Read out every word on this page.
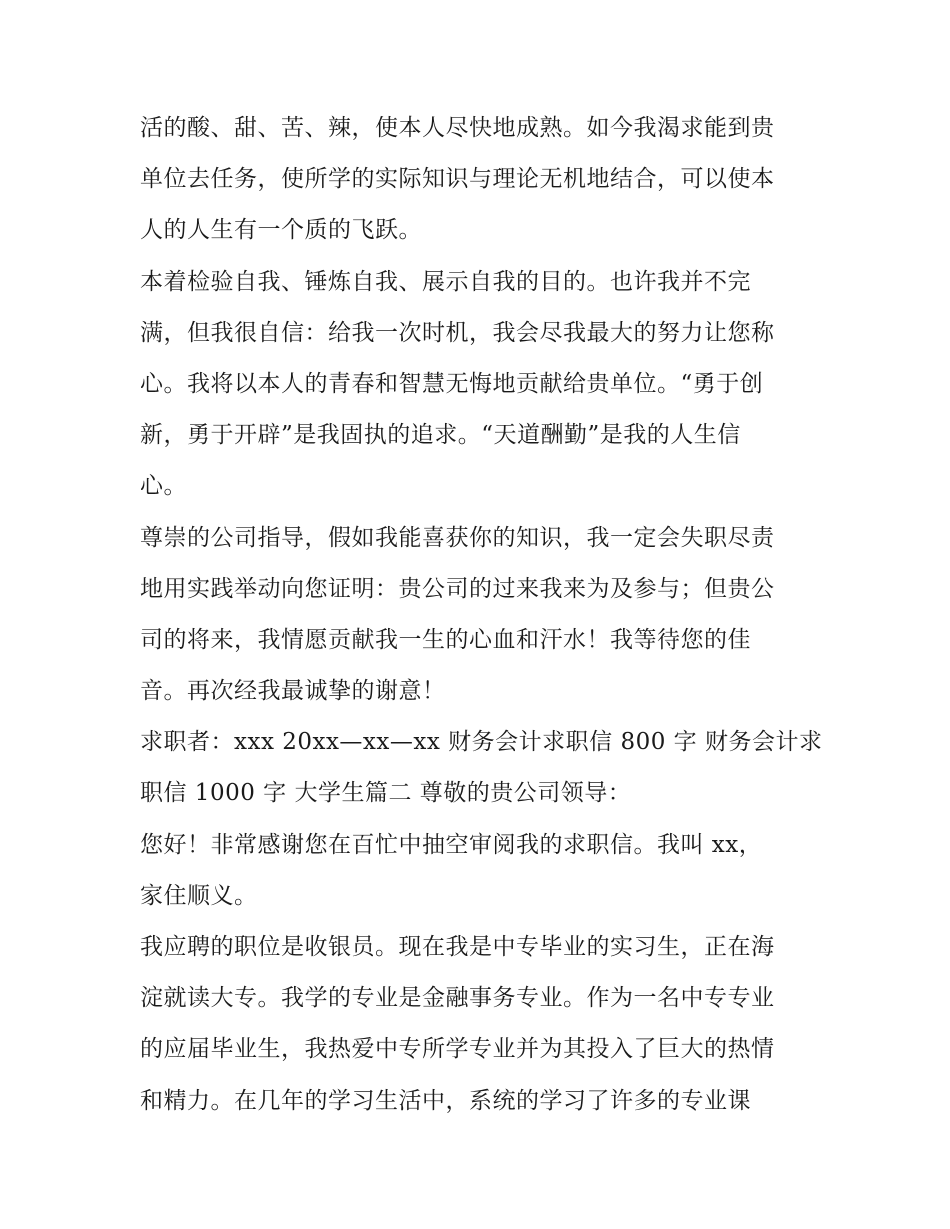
活的酸、甜、苦、辣，使本人尽快地成熟。如今我渴求能到贵
单位去任务，使所学的实际知识与理论无机地结合，可以使本
人的人生有一个质的飞跃。
本着检验自我、锤炼自我、展示自我的目的。也许我并不完
满，但我很自信：给我一次时机，我会尽我最大的努力让您称
心。我将以本人的青春和智慧无悔地贡献给贵单位。“勇于创
新，勇于开辟”是我固执的追求。“天道酬勤”是我的人生信
心。
尊崇的公司指导，假如我能喜获你的知识，我一定会失职尽责
地用实践举动向您证明：贵公司的过来我来为及参与；但贵公
司的将来，我情愿贡献我一生的心血和汗水！我等待您的佳
音。再次经我最诚挚的谢意！
求职者：xxx 20xx—xx—xx 财务会计求职信 800 字 财务会计求
职信 1000 字 大学生篇二 尊敬的贵公司领导：
您好！非常感谢您在百忙中抽空审阅我的求职信。我叫 xx，
家住顺义。
我应聘的职位是收银员。现在我是中专毕业的实习生，正在海
淀就读大专。我学的专业是金融事务专业。作为一名中专专业
的应届毕业生，我热爱中专所学专业并为其投入了巨大的热情
和精力。在几年的学习生活中，系统的学习了许多的专业课
